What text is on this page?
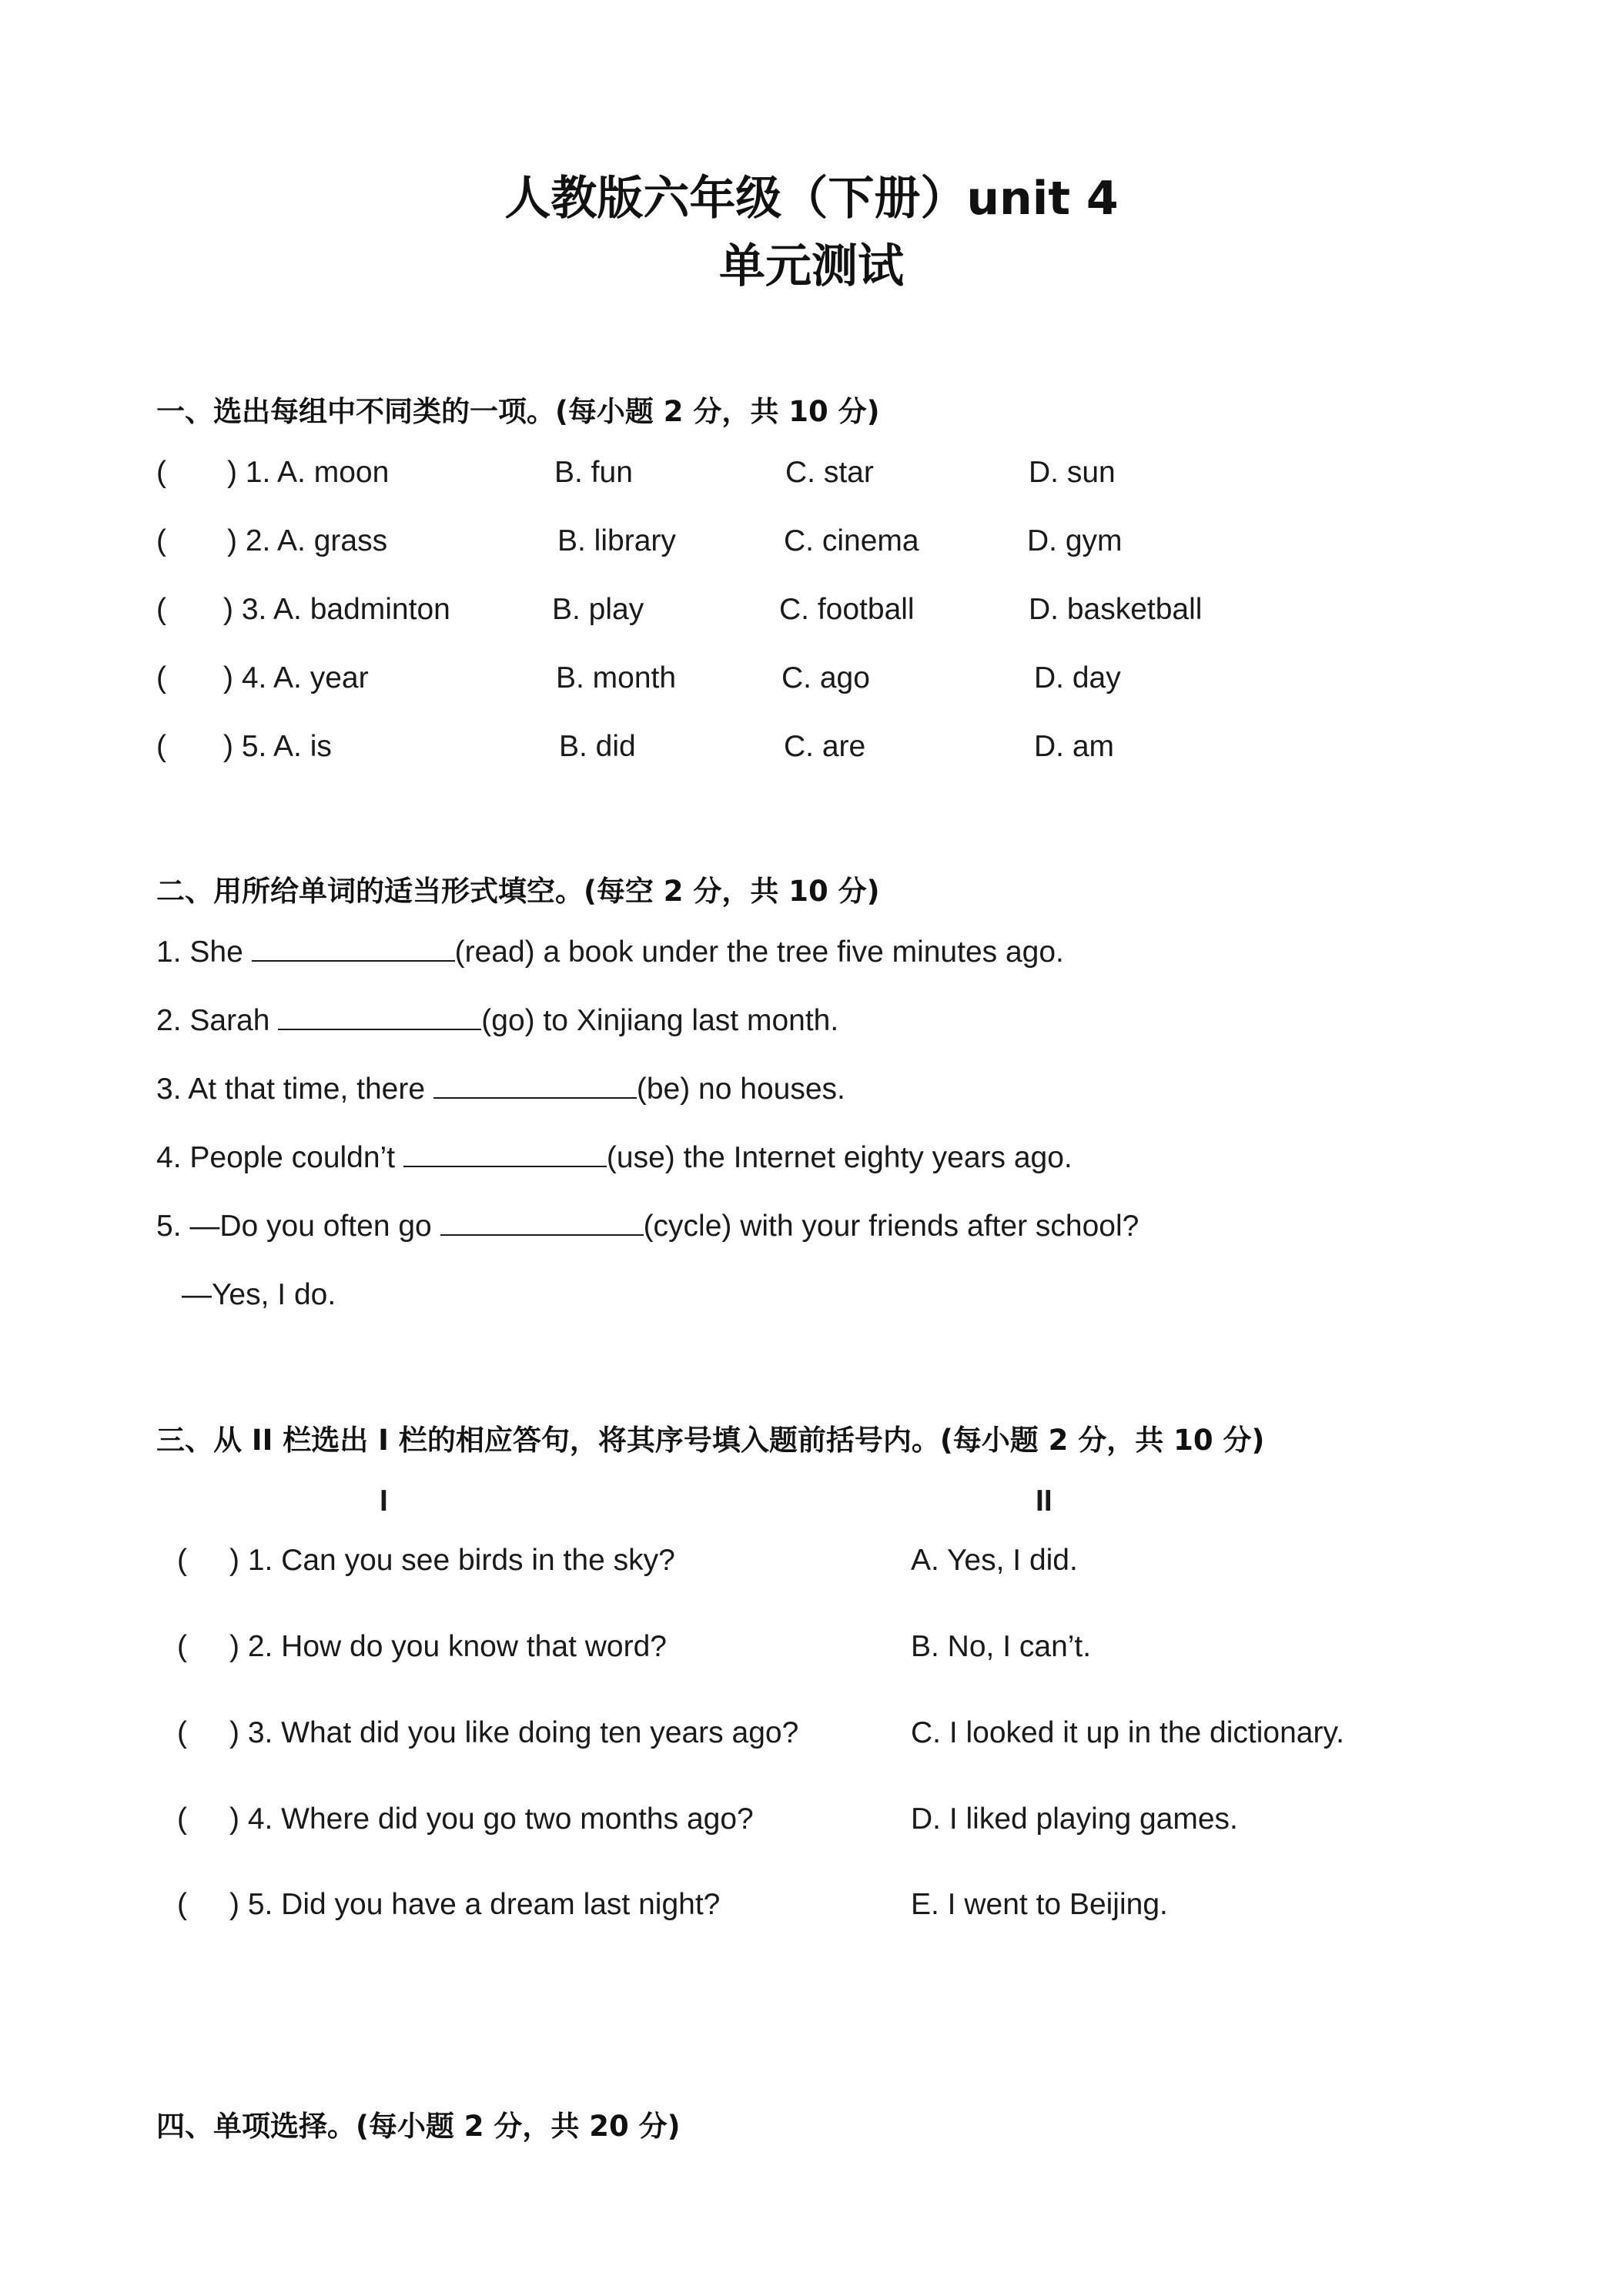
人教版六年级（下册）unit 4
单元测试
一、选出每组中不同类的一项。(每小题 2 分，共 10 分)
( ) 1. A. moon	B. fun	C. star	D. sun
( ) 2. A. grass	B. library	C. cinema	D. gym
( ) 3. A. badminton	B. play	C. football	D. basketball
( ) 4. A. year	B. month	C. ago	D. day
( ) 5. A. is	B. did	C. are	D. am
二、用所给单词的适当形式填空。(每空 2 分，共 10 分)
1. She	(read) a book under the tree five minutes ago.
2. Sarah	(go) to Xinjiang last month.
3. At that time, there	(be) no houses.
4. People couldn’t	(use) the Internet eighty years ago.
5. —Do you often go	(cycle) with your friends after school?
—Yes, I do.
三、从 II 栏选出 I 栏的相应答句，将其序号填入题前括号内。(每小题 2 分，共 10 分)
I	II
( ) 1. Can you see birds in the sky?	A. Yes, I did.
( ) 2. How do you know that word?	B. No, I can’t.
( ) 3. What did you like doing ten years ago?	C. I looked it up in the dictionary.
( ) 4. Where did you go two months ago?	D. I liked playing games.
( ) 5. Did you have a dream last night?	E. I went to Beijing.
四、单项选择。(每小题 2 分，共 20 分)
